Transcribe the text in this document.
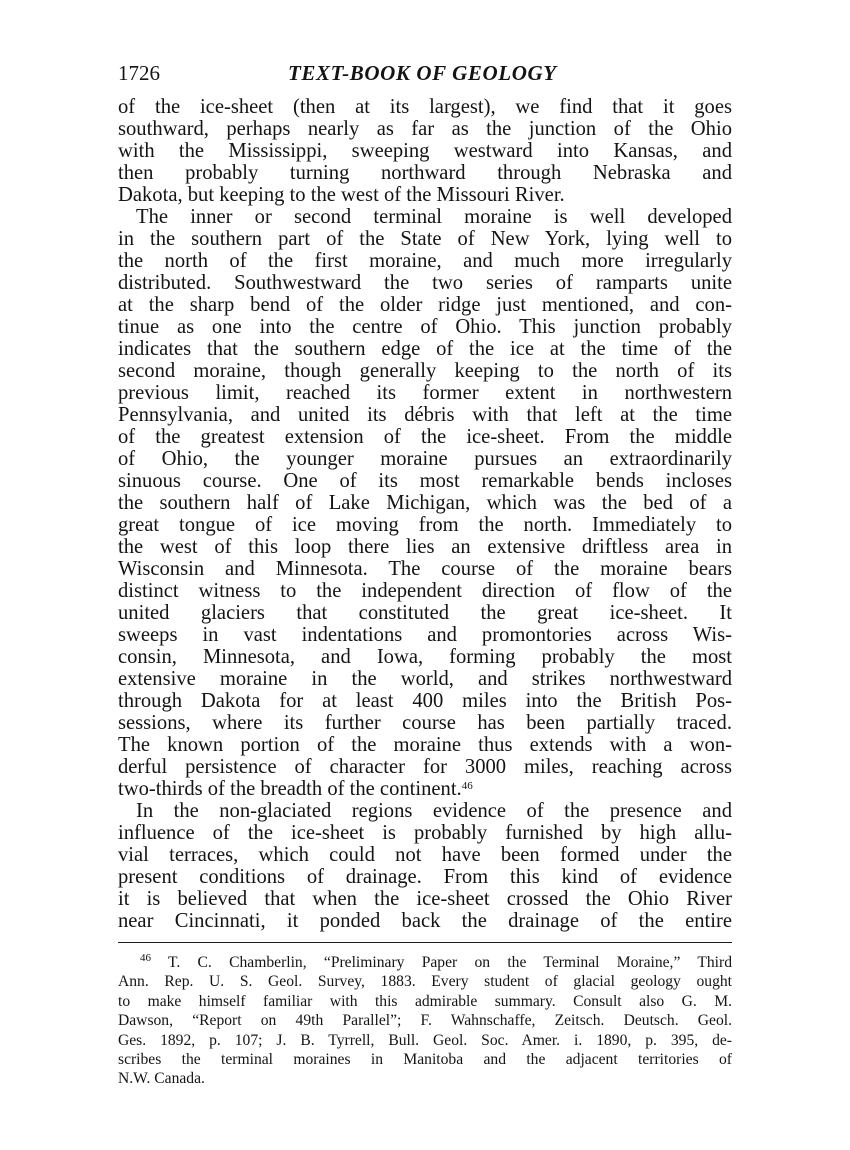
1726	TEXT-BOOK OF GEOLOGY

of the ice-sheet (then at its largest), we find that it goes
southward, perhaps nearly as far as the junction of the Ohio
with the Mississippi, sweeping westward into Kansas, and
then probably turning northward through Nebraska and
Dakota, but keeping to the west of the Missouri River.

The inner or second terminal moraine is well developed
in the southern part of the State of New York, lying well to
the north of the first moraine, and much more irregularly
distributed. Southwestward the two series of ramparts unite
at the sharp bend of the older ridge just mentioned, and con-
tinue as one into the centre of Ohio. This junction probably
indicates that the southern edge of the ice at the time of the
second moraine, though generally keeping to the north of its
previous limit, reached its former extent in northwestern
Pennsylvania, and united its débris with that left at the time
of the greatest extension of the ice-sheet. From the middle
of Ohio, the younger moraine pursues an extraordinarily
sinuous course. One of its most remarkable bends incloses
the southern half of Lake Michigan, which was the bed of a
great tongue of ice moving from the north. Immediately to
the west of this loop there lies an extensive driftless area in
Wisconsin and Minnesota. The course of the moraine bears
distinct witness to the independent direction of flow of the
united glaciers that constituted the great ice-sheet. It
sweeps in vast indentations and promontories across Wis-
consin, Minnesota, and Iowa, forming probably the most
extensive moraine in the world, and strikes northwestward
through Dakota for at least 400 miles into the British Pos-
sessions, where its further course has been partially traced.
The known portion of the moraine thus extends with a won-
derful persistence of character for 3000 miles, reaching across
two-thirds of the breadth of the continent.$^{46}$

In the non-glaciated regions evidence of the presence and
influence of the ice-sheet is probably furnished by high allu-
vial terraces, which could not have been formed under the
present conditions of drainage. From this kind of evidence
it is believed that when the ice-sheet crossed the Ohio River
near Cincinnati, it ponded back the drainage of the entire

$^{46}$ T. C. Chamberlin, “Preliminary Paper on the Terminal Moraine,” Third
Ann. Rep. U. S. Geol. Survey, 1883. Every student of glacial geology ought
to make himself familiar with this admirable summary. Consult also G. M.
Dawson, “Report on 49th Parallel”; F. Wahnschaffe, Zeitsch. Deutsch. Geol.
Ges. 1892, p. 107; J. B. Tyrrell, Bull. Geol. Soc. Amer. i. 1890, p. 395, de-
scribes the terminal moraines in Manitoba and the adjacent territories of
N.W. Canada.
